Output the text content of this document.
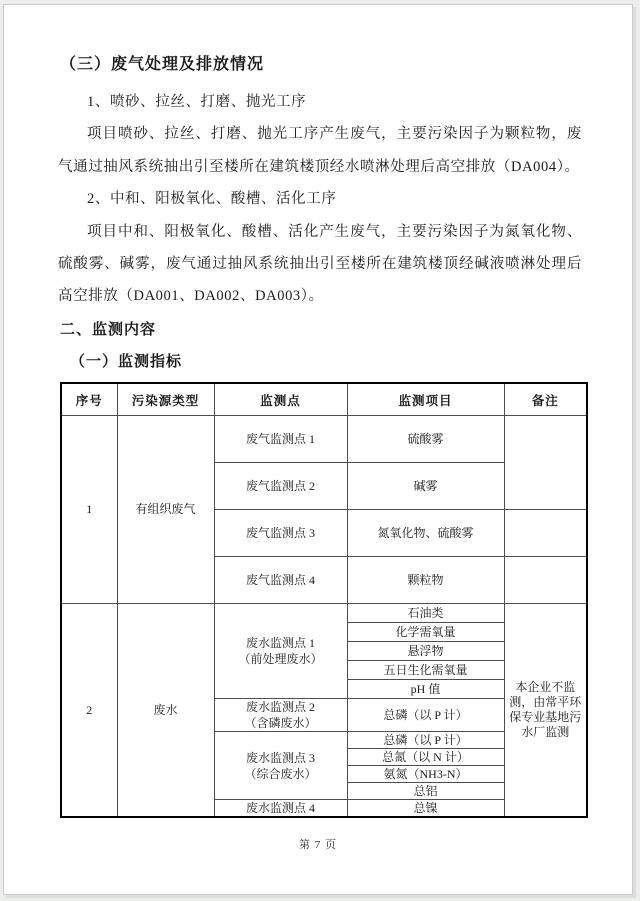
（三）废气处理及排放情况

1、喷砂、拉丝、打磨、抛光工序

项目喷砂、拉丝、打磨、抛光工序产生废气，主要污染因子为颗粒物，废气通过抽风系统抽出引至楼所在建筑楼顶经水喷淋处理后高空排放（DA004）。

2、中和、阳极氧化、酸槽、活化工序

项目中和、阳极氧化、酸槽、活化产生废气，主要污染因子为氮氧化物、硫酸雾、碱雾，废气通过抽风系统抽出引至楼所在建筑楼顶经碱液喷淋处理后高空排放（DA001、DA002、DA003）。

二、监测内容
（一）监测指标
序号	污染源类型	监测点	监测项目	备注
1	有组织废气	废气监测点 1	硫酸雾	
		废气监测点 2	碱雾	
		废气监测点 3	氮氧化物、硫酸雾	
		废气监测点 4	颗粒物	
2	废水	废水监测点 1
（前处理废水）	石油类	本企业不监测，由常平环保专业基地污水厂监测
			化学需氧量	
			悬浮物	
			五日生化需氧量	
			pH 值	

		废水监测点 2
（含磷废水）	总磷（以 P 计）	

		废水监测点 3
（综合废水）	总磷（以 P 计）	
			总氮（以 N 计）	
			氨氮（NH3-N）	
			总铝	
		废水监测点 4	总镍	
第 7 页
